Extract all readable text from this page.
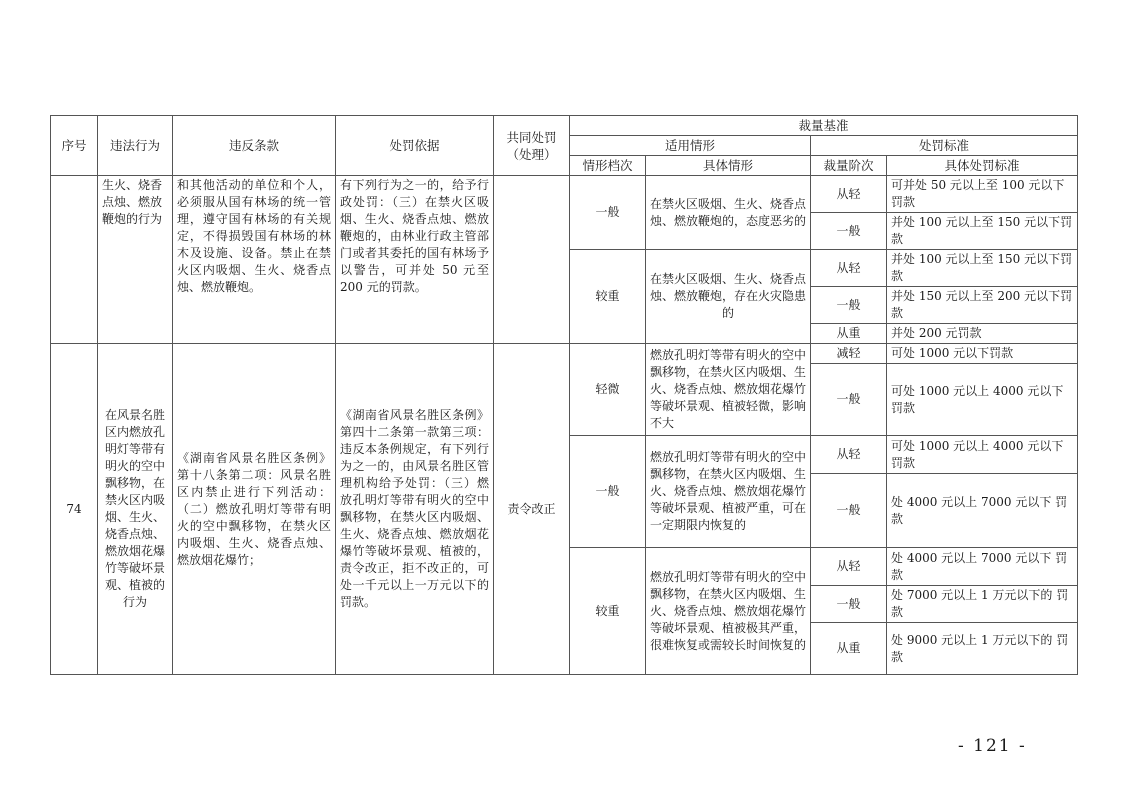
序号	违法行为	违反条款	处罚依据	共同处罚（处理）	裁量基准			
					适用情形		处罚标准	
					情形档次	具体情形	裁量阶次	具体处罚标准
	生火、烧香点烛、燃放鞭炮的行为	和其他活动的单位和个人，必须服从国有林场的统一管理，遵守国有林场的有关规定，不得损毁国有林场的林木及设施、设备。禁止在禁火区内吸烟、生火、烧香点烛、燃放鞭炮。	有下列行为之一的，给予行政处罚：（三）在禁火区吸烟、生火、烧香点烛、燃放鞭炮的，由林业行政主管部门或者其委托的国有林场予以警告，可并处 50 元至 200 元的罚款。		一般	在禁火区吸烟、生火、烧香点烛、燃放鞭炮的，态度恶劣的	从轻	可并处 50 元以上至 100 元以下罚款
							一般	并处 100 元以上至 150 元以下罚款
					较重	在禁火区吸烟、生火、烧香点烛、燃放鞭炮，存在火灾隐患的	从轻	并处 100 元以上至 150 元以下罚款
							一般	并处 150 元以上至 200 元以下罚款
							从重	并处 200 元罚款
74	在风景名胜区内燃放孔明灯等带有明火的空中飘移物，在禁火区内吸烟、生火、烧香点烛、燃放烟花爆竹等破坏景观、植被的行为	《湖南省风景名胜区条例》第十八条第二项：风景名胜区内禁止进行下列活动：（二）燃放孔明灯等带有明火的空中飘移物，在禁火区内吸烟、生火、烧香点烛、燃放烟花爆竹；	《湖南省风景名胜区条例》第四十二条第一款第三项：违反本条例规定，有下列行为之一的，由风景名胜区管理机构给予处罚：（三）燃放孔明灯等带有明火的空中飘移物，在禁火区内吸烟、生火、烧香点烛、燃放烟花爆竹等破坏景观、植被的，责令改正，拒不改正的，可处一千元以上一万元以下的罚款。	责令改正	轻微	燃放孔明灯等带有明火的空中飘移物，在禁火区内吸烟、生火、烧香点烛、燃放烟花爆竹等破坏景观、植被轻微，影响不大	减轻	可处 1000 元以下罚款
							一般	可处 1000 元以上 4000 元以下罚款
					一般	燃放孔明灯等带有明火的空中飘移物，在禁火区内吸烟、生火、烧香点烛、燃放烟花爆竹等破坏景观、植被严重，可在一定期限内恢复的	从轻	可处 1000 元以上 4000 元以下罚款
							一般	处 4000 元以上 7000 元以下 罚款
					较重	燃放孔明灯等带有明火的空中飘移物，在禁火区内吸烟、生火、烧香点烛、燃放烟花爆竹等破坏景观、植被极其严重，很难恢复或需较长时间恢复的	从轻	处 4000 元以上 7000 元以下 罚款
							一般	处 7000 元以上 1 万元以下的 罚款
							从重	处 9000 元以上 1 万元以下的 罚款
- 121 -
